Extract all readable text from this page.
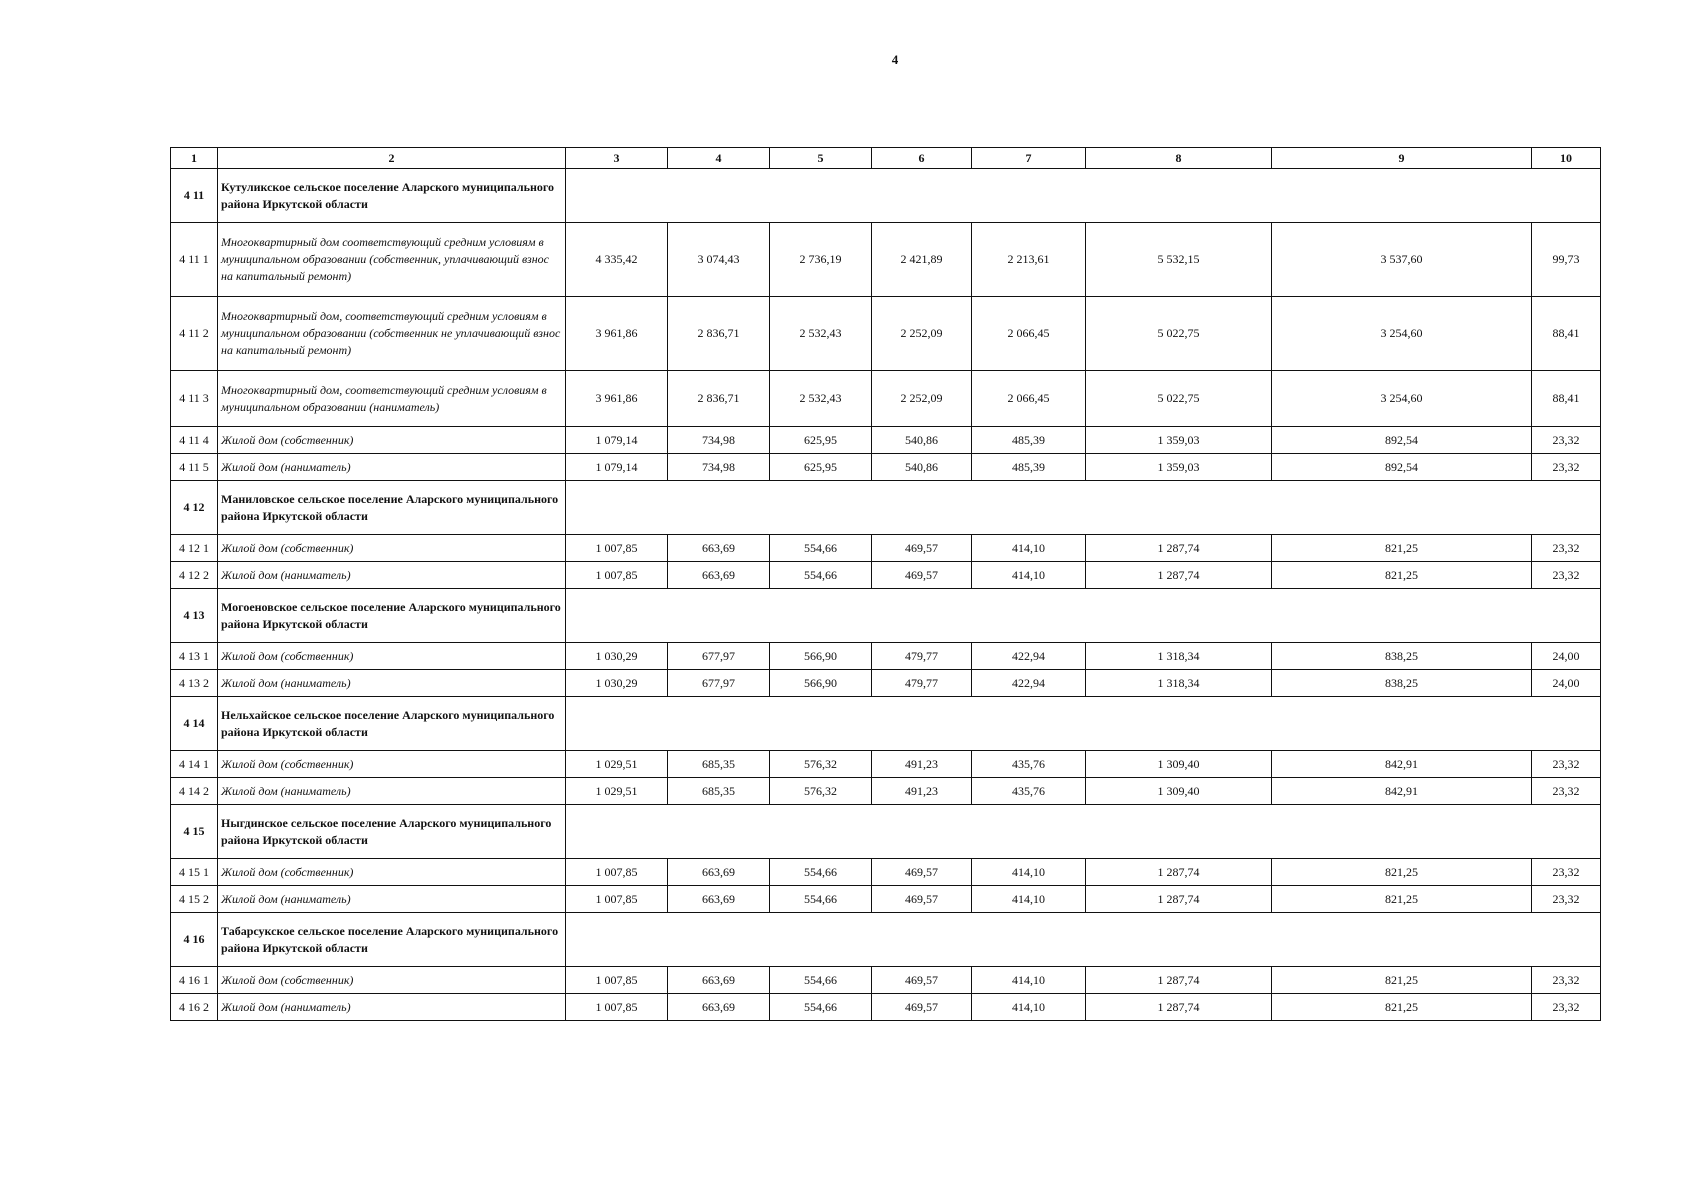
4
1	2	3	4	5	6	7	8	9	10
4 11	Кутуликское сельское поселение Аларского муниципального района Иркутской области								
4 11 1	Многоквартирный дом соответствующий средним условиям в муниципальном образовании (собственник, уплачивающий взнос на капитальный ремонт)	4 335,42	3 074,43	2 736,19	2 421,89	2 213,61	5 532,15	3 537,60	99,73
4 11 2	Многоквартирный дом, соответствующий средним условиям в муниципальном образовании (собственник не уплачивающий взнос на капитальный ремонт)	3 961,86	2 836,71	2 532,43	2 252,09	2 066,45	5 022,75	3 254,60	88,41
4 11 3	Многоквартирный дом, соответствующий средним условиям в муниципальном образовании (наниматель)	3 961,86	2 836,71	2 532,43	2 252,09	2 066,45	5 022,75	3 254,60	88,41
4 11 4	Жилой дом (собственник)	1 079,14	734,98	625,95	540,86	485,39	1 359,03	892,54	23,32
4 11 5	Жилой дом (наниматель)	1 079,14	734,98	625,95	540,86	485,39	1 359,03	892,54	23,32
4 12	Маниловское сельское поселение Аларского муниципального района Иркутской области								
4 12 1	Жилой дом (собственник)	1 007,85	663,69	554,66	469,57	414,10	1 287,74	821,25	23,32
4 12 2	Жилой дом (наниматель)	1 007,85	663,69	554,66	469,57	414,10	1 287,74	821,25	23,32
4 13	Могоеновское сельское поселение Аларского муниципального района Иркутской области								
4 13 1	Жилой дом (собственник)	1 030,29	677,97	566,90	479,77	422,94	1 318,34	838,25	24,00
4 13 2	Жилой дом (наниматель)	1 030,29	677,97	566,90	479,77	422,94	1 318,34	838,25	24,00
4 14	Нельхайское сельское поселение Аларского муниципального района Иркутской области								
4 14 1	Жилой дом (собственник)	1 029,51	685,35	576,32	491,23	435,76	1 309,40	842,91	23,32
4 14 2	Жилой дом (наниматель)	1 029,51	685,35	576,32	491,23	435,76	1 309,40	842,91	23,32
4 15	Ныгдинское сельское поселение Аларского муниципального района Иркутской области								
4 15 1	Жилой дом (собственник)	1 007,85	663,69	554,66	469,57	414,10	1 287,74	821,25	23,32
4 15 2	Жилой дом (наниматель)	1 007,85	663,69	554,66	469,57	414,10	1 287,74	821,25	23,32
4 16	Табарсукское сельское поселение Аларского муниципального района Иркутской области								
4 16 1	Жилой дом (собственник)	1 007,85	663,69	554,66	469,57	414,10	1 287,74	821,25	23,32
4 16 2	Жилой дом (наниматель)	1 007,85	663,69	554,66	469,57	414,10	1 287,74	821,25	23,32
